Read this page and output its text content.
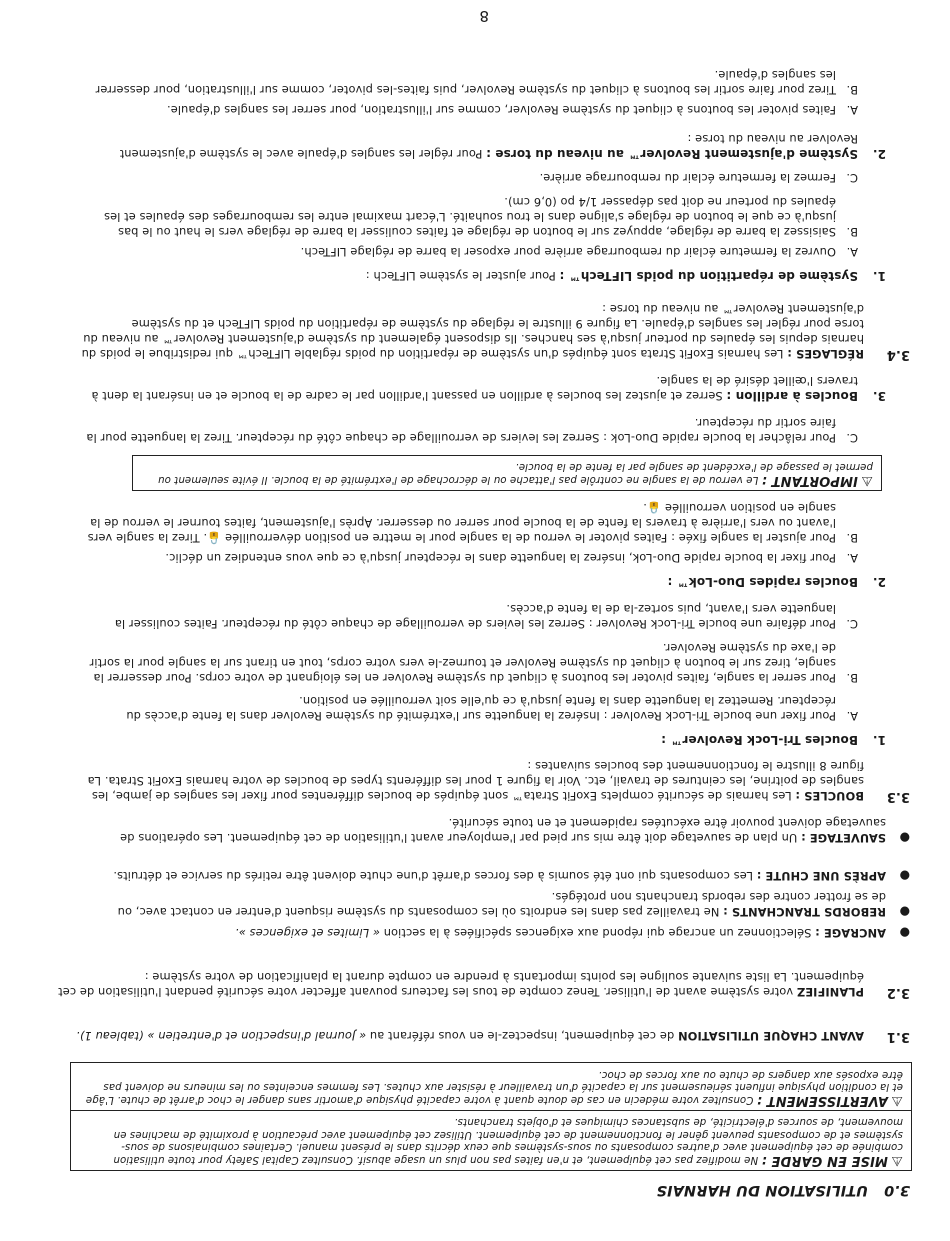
3.0UTILISATION DU HARNAIS
⚠ MISE EN GARDE : Ne modifiez pas cet équipement, et n'en faites pas non plus un usage abusif. Consultez Capital Safety pour toute utilisation combinée de cet équipement avec d'autres composants ou sous-systèmes que ceux décrits dans le présent manuel. Certaines combinaisons de sous-systèmes et de composants peuvent gêner le fonctionnement de cet équipement. Utilisez cet équipement avec précaution à proximité de machines en mouvement, de sources d'électricité, de substances chimiques et d'objets tranchants.
⚠ AVERTISSEMENT : Consultez votre médecin en cas de doute quant à votre capacité physique d'amortir sans danger le choc d'arrêt de chute. L'âge et la condition physique influent sérieusement sur la capacité d'un travailleur à résister aux chutes. Les femmes enceintes ou les mineurs ne doivent pas être exposés aux dangers de chute ou aux forces de choc.
3.1
AVANT CHAQUE UTILISATION de cet équipement, inspectez-le en vous référant au « Journal d'inspection et d'entretien » (tableau 1).
3.2
PLANIFIEZ votre système avant de l'utiliser. Tenez compte de tous les facteurs pouvant affecter votre sécurité pendant l'utilisation de cet équipement. La liste suivante souligne les points importants à prendre en compte durant la planification de votre système :
●
ANCRAGE : Sélectionnez un ancrage qui répond aux exigences spécifiées à la section « Limites et exigences ».
●
REBORDS TRANCHANTS : Ne travaillez pas dans les endroits où les composants du système risquent d'entrer en contact avec, ou de se frotter contre des rebords tranchants non protégés.
●
APRÈS UNE CHUTE : Les composants qui ont été soumis à des forces d'arrêt d'une chute doivent être retirés du service et détruits.
●
SAUVETAGE : Un plan de sauvetage doit être mis sur pied par l'employeur avant l'utilisation de cet équipement. Les opérations de sauvetage doivent pouvoir être exécutées rapidement et en toute sécurité.
3.3
BOUCLES : Les harnais de sécurité complets ExoFit Strata™ sont équipés de boucles différentes pour fixer les sangles de jambe, les sangles de poitrine, les ceintures de travail, etc. Voir la figure 1 pour les différents types de boucles de votre harnais ExoFit Strata. La figure 8 illustre le fonctionnement des boucles suivantes :
1.
Boucles Tri-Lock Revolver™ :
A.
Pour fixer une boucle Tri-Lock Revolver : Insérez la languette sur l'extrémité du système Revolver dans la fente d'accès du récepteur. Remettez la languette dans la fente jusqu'à ce qu'elle soit verrouillée en position.
B.
Pour serrer la sangle, faites pivoter les boutons à cliquet du système Revolver en les éloignant de votre corps. Pour desserrer la sangle, tirez sur le bouton à cliquet du système Revolver et tournez-le vers votre corps, tout en tirant sur la sangle pour la sortir de l'axe du système Revolver.
C.
Pour défaire une boucle Tri-Lock Revolver : Serrez les leviers de verrouillage de chaque côté du récepteur. Faites coulisser la languette vers l'avant, puis sortez-la de la fente d'accès.
2.
Boucles rapides Duo-Lok™ :
A.
Pour fixer la boucle rapide Duo-Lok, insérez la languette dans le récepteur jusqu'à ce que vous entendiez un déclic.
B.
Pour ajuster la sangle fixée : Faites pivoter le verrou de la sangle pour le mettre en position déverrouillée 🔓. Tirez la sangle vers l'avant ou vers l'arrière à travers la fente de la boucle pour serrer ou desserrer. Après l'ajustement, faites tourner le verrou de la sangle en position verrouillée 🔒.
⚠ IMPORTANT : Le verrou de la sangle ne contrôle pas l'attache ou le décrochage de l'extrémité de la boucle. Il évite seulement ou permet le passage de l'excédent de sangle par la fente de la boucle.
C.
Pour relâcher la boucle rapide Duo-Lok : Serrez les leviers de verrouillage de chaque côté du récepteur. Tirez la languette pour la faire sortir du récepteur.
3.
Boucles à ardillon : Serrez et ajustez les boucles à ardillon en passant l'ardillon par le cadre de la boucle et en insérant la dent à travers l'œillet désiré de la sangle.
3.4
RÉGLAGES : Les harnais ExoFit Strata sont équipés d'un système de répartition du poids réglable LIFTech™ qui redistribue le poids du harnais depuis les épaules du porteur jusqu'à ses hanches. Ils disposent également du système d'ajustement Revolver™ au niveau du torse pour régler les sangles d'épaule. La figure 9 illustre le réglage du système de répartition du poids LIFTech et du système d'ajustement Revolver™ au niveau du torse :
1.
Système de répartition du poids LIFTech™ : Pour ajuster le système LIFTech :
A.
Ouvrez la fermeture éclair du rembourrage arrière pour exposer la barre de réglage LIFTech.
B.
Saisissez la barre de réglage, appuyez sur le bouton de réglage et faites coulisser la barre de réglage vers le haut ou le bas jusqu'à ce que le bouton de réglage s'aligne dans le trou souhaité. L'écart maximal entre les rembourrages des épaules et les épaules du porteur ne doit pas dépasser 1/4 po (0,6 cm).
C.
Fermez la fermeture éclair du rembourrage arrière.
2.
Système d'ajustement Revolver™ au niveau du torse : Pour régler les sangles d'épaule avec le système d'ajustement Revolver au niveau du torse :
A.
Faites pivoter les boutons à cliquet du système Revolver, comme sur l'illustration, pour serrer les sangles d'épaule.
B.
Tirez pour faire sortir les boutons à cliquet du système Revolver, puis faites-les pivoter, comme sur l'illustration, pour desserrer les sangles d'épaule.
8
